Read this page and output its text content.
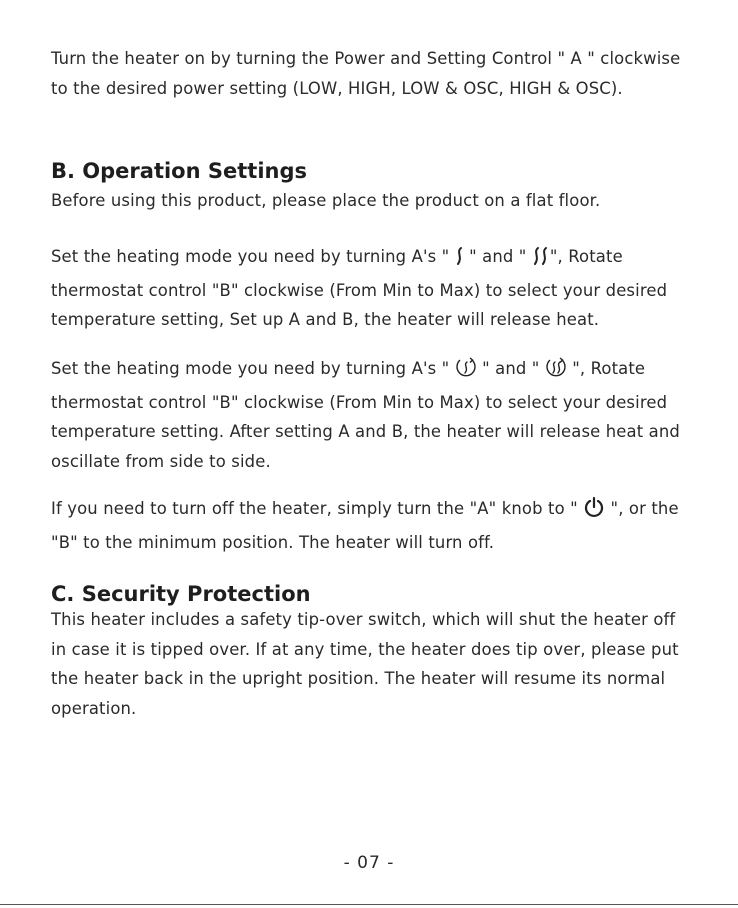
Turn the heater on by turning the Power and Setting Control " A " clockwise to the desired power setting (LOW, HIGH, LOW & OSC, HIGH & OSC).

B. Operation Settings

Before using this product, please place the product on a flat floor.

Set the heating mode you need by turning A's "  " and " ", Rotate thermostat control "B" clockwise (From Min to Max) to select your desired temperature setting, Set up A and B, the heater will release heat.

Set the heating mode you need by turning A's "  " and "  ", Rotate thermostat control "B" clockwise (From Min to Max) to select your desired temperature setting. After setting A and B, the heater will release heat and oscillate from side to side.

If you need to turn off the heater, simply turn the "A" knob to "  ", or the "B" to the minimum position. The heater will turn off.

C. Security Protection

This heater includes a safety tip-over switch, which will shut the heater off in case it is tipped over. If at any time, the heater does tip over, please put the heater back in the upright position. The heater will resume its normal operation.

- 07 -
